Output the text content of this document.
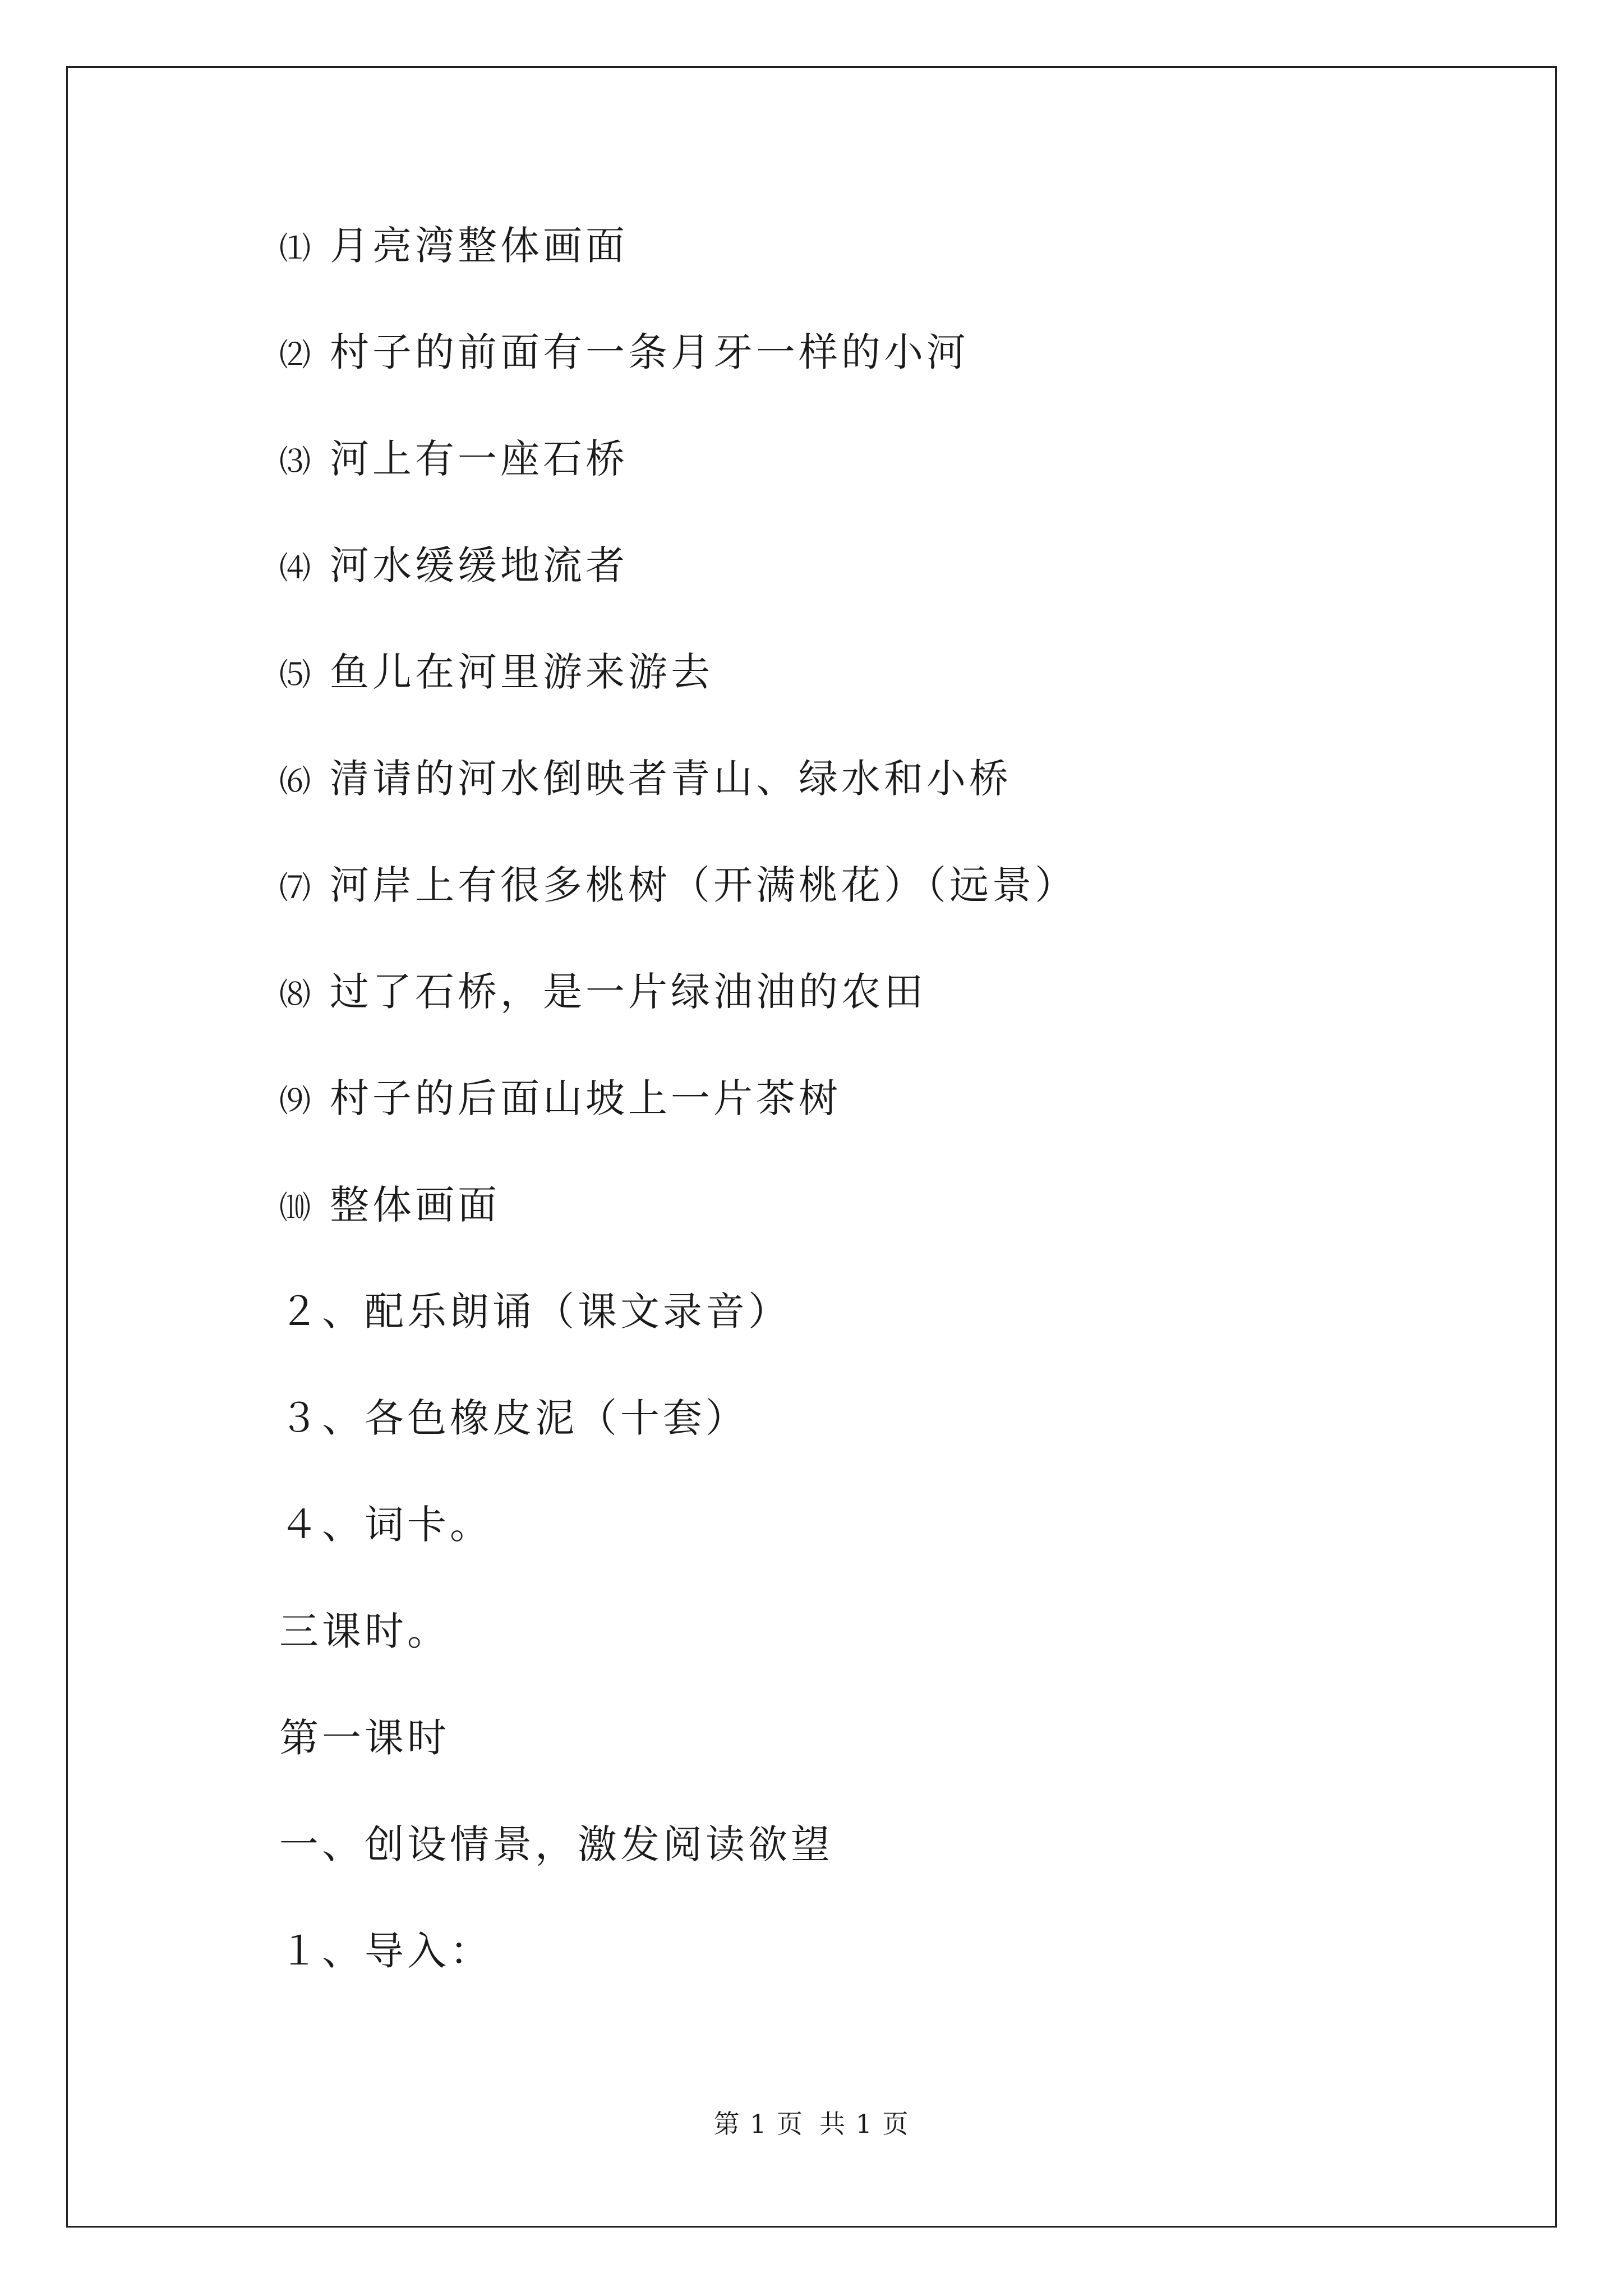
⑴ 月亮湾整体画面
⑵ 村子的前面有一条月牙一样的小河
⑶ 河上有一座石桥
⑷ 河水缓缓地流者
⑸ 鱼儿在河里游来游去
⑹ 清请的河水倒映者青山、绿水和小桥
⑺ 河岸上有很多桃树（开满桃花）（远景）
⑻ 过了石桥，是一片绿油油的农田
⑼ 村子的后面山坡上一片茶树
⑽ 整体画面
２、配乐朗诵（课文录音）
３、各色橡皮泥（十套）
４、词卡。
三课时。
第一课时
一、创设情景，激发阅读欲望
１、导入：
第 1 页 共 1 页
